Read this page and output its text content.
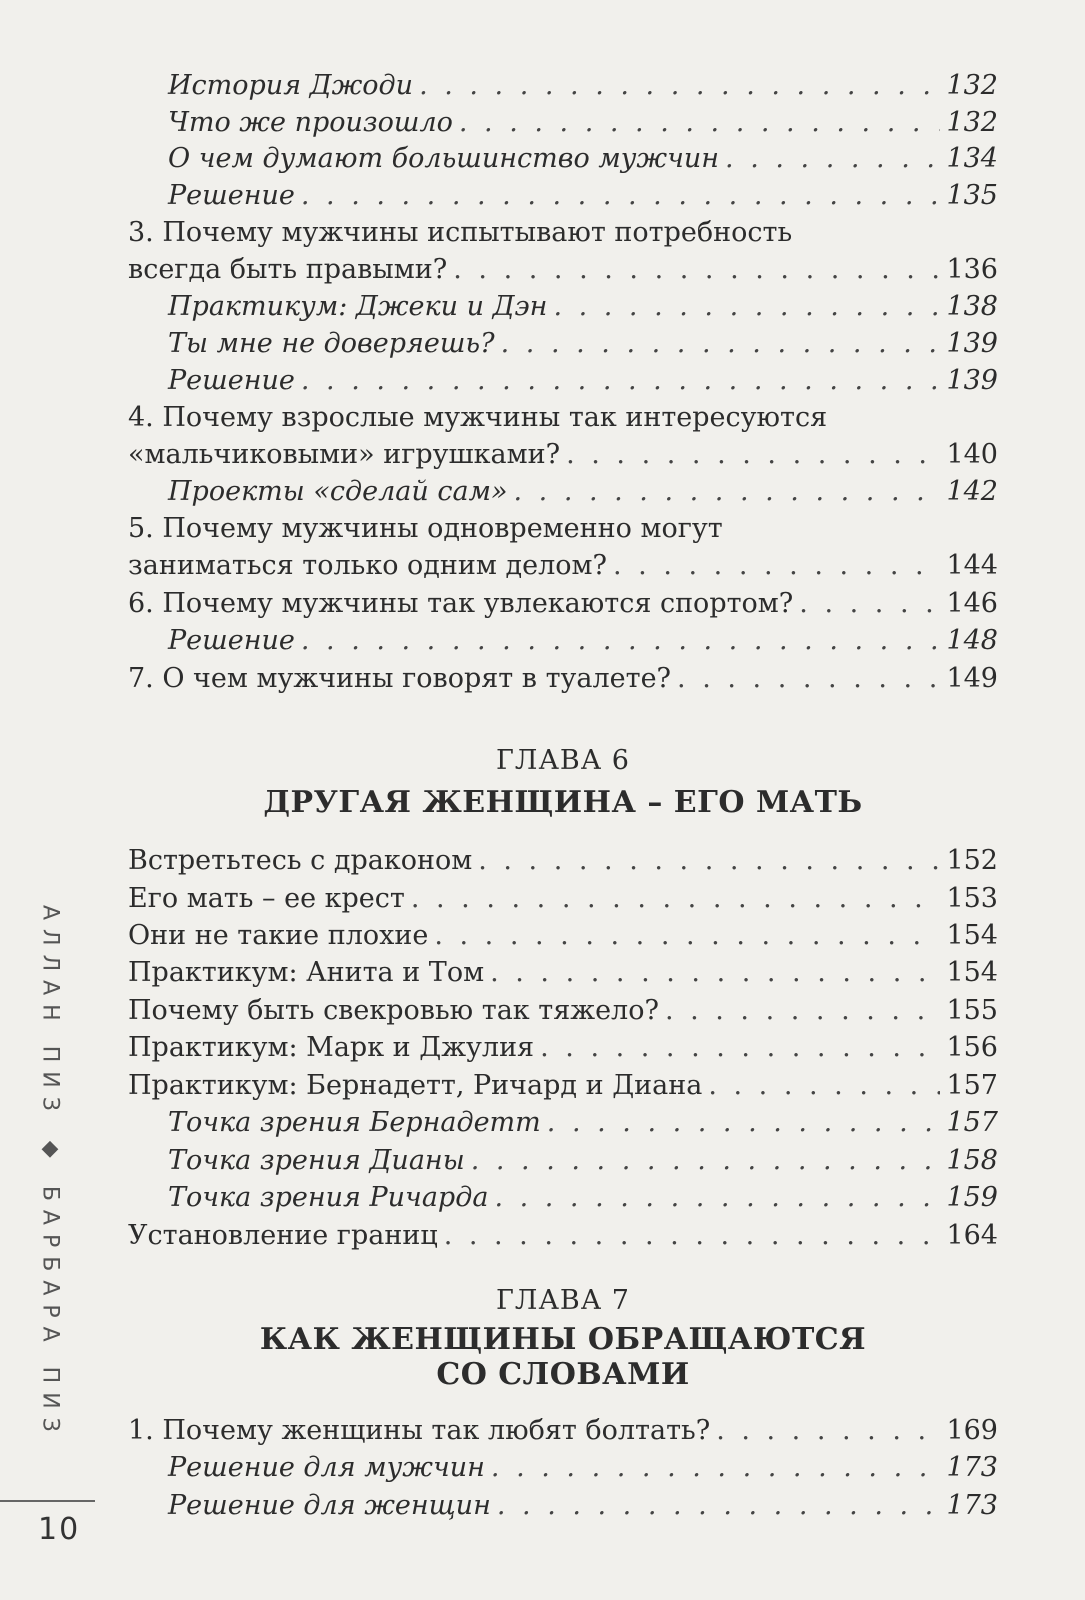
История Джоди . . .	132
Что же произошло . . .	132
О чем думают большинство мужчин . . .	134
Решение . . .	135
3. Почему мужчины испытывают потребность
всегда быть правыми? . . .	136
Практикум: Джеки и Дэн . . .	138
Ты мне не доверяешь? . . .	139
Решение . . .	139
4. Почему взрослые мужчины так интересуются
«мальчиковыми» игрушками? . . .	140
Проекты «сделай сам» . . .	142
5. Почему мужчины одновременно могут
заниматься только одним делом? . . .	144
6. Почему мужчины так увлекаются спортом? . . .	146
Решение . . .	148
7. О чем мужчины говорят в туалете? . . .	149
ГЛАВА 6
ДРУГАЯ ЖЕНЩИНА – ЕГО МАТЬ
Встретьтесь с драконом . . .	152
Его мать – ее крест . . .	153
Они не такие плохие . . .	154
Практикум: Анита и Том . . .	154
Почему быть свекровью так тяжело? . . .	155
Практикум: Марк и Джулия . . .	156
Практикум: Бернадетт, Ричард и Диана . . .	157
Точка зрения Бернадетт . . .	157
Точка зрения Дианы . . .	158
Точка зрения Ричарда . . .	159
Установление границ . . .	164
ГЛАВА 7
КАК ЖЕНЩИНЫ ОБРАЩАЮТСЯ
СО СЛОВАМИ
1. Почему женщины так любят болтать? . . .	169
Решение для мужчин . . .	173
Решение для женщин . . .	173
АЛЛАН ПИЗ ◆ БАРБАРА ПИЗ
10
